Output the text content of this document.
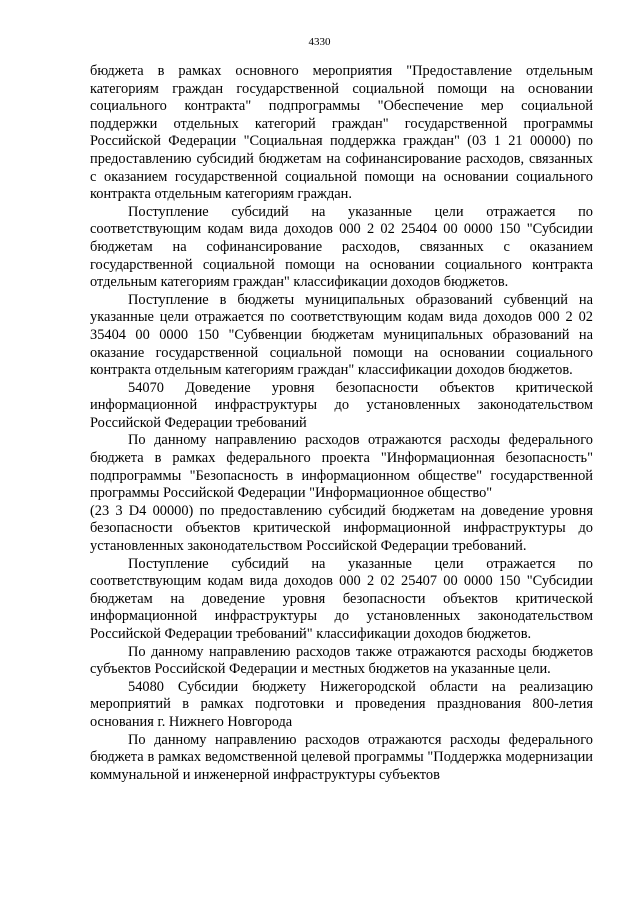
4330

бюджета в рамках основного мероприятия "Предоставление отдельным категориям граждан государственной социальной помощи на основании социального контракта" подпрограммы "Обеспечение мер социальной поддержки отдельных категорий граждан" государственной программы Российской Федерации "Социальная поддержка граждан" (03 1 21 00000) по предоставлению субсидий бюджетам на софинансирование расходов, связанных с оказанием государственной социальной помощи на основании социального контракта отдельным категориям граждан.

Поступление субсидий на указанные цели отражается по соответствующим кодам вида доходов 000 2 02 25404 00 0000 150 "Субсидии бюджетам на софинансирование расходов, связанных с оказанием государственной социальной помощи на основании социального контракта отдельным категориям граждан" классификации доходов бюджетов.

Поступление в бюджеты муниципальных образований субвенций на указанные цели отражается по соответствующим кодам вида доходов 000 2 02 35404 00 0000 150 "Субвенции бюджетам муниципальных образований на оказание государственной социальной помощи на основании социального контракта отдельным категориям граждан" классификации доходов бюджетов.

54070 Доведение уровня безопасности объектов критической информационной инфраструктуры до установленных законодательством Российской Федерации требований

По данному направлению расходов отражаются расходы федерального бюджета в рамках федерального проекта "Информационная безопасность" подпрограммы "Безопасность в информационном обществе" государственной программы Российской Федерации "Информационное общество"

(23 3 D4 00000) по предоставлению субсидий бюджетам на доведение уровня безопасности объектов критической информационной инфраструктуры до установленных законодательством Российской Федерации требований.

Поступление субсидий на указанные цели отражается по соответствующим кодам вида доходов 000 2 02 25407 00 0000 150 "Субсидии бюджетам на доведение уровня безопасности объектов критической информационной инфраструктуры до установленных законодательством Российской Федерации требований" классификации доходов бюджетов.

По данному направлению расходов также отражаются расходы бюджетов субъектов Российской Федерации и местных бюджетов на указанные цели.

54080 Субсидии бюджету Нижегородской области на реализацию мероприятий в рамках подготовки и проведения празднования 800-летия основания г. Нижнего Новгорода

По данному направлению расходов отражаются расходы федерального бюджета в рамках ведомственной целевой программы "Поддержка модернизации коммунальной и инженерной инфраструктуры субъектов
